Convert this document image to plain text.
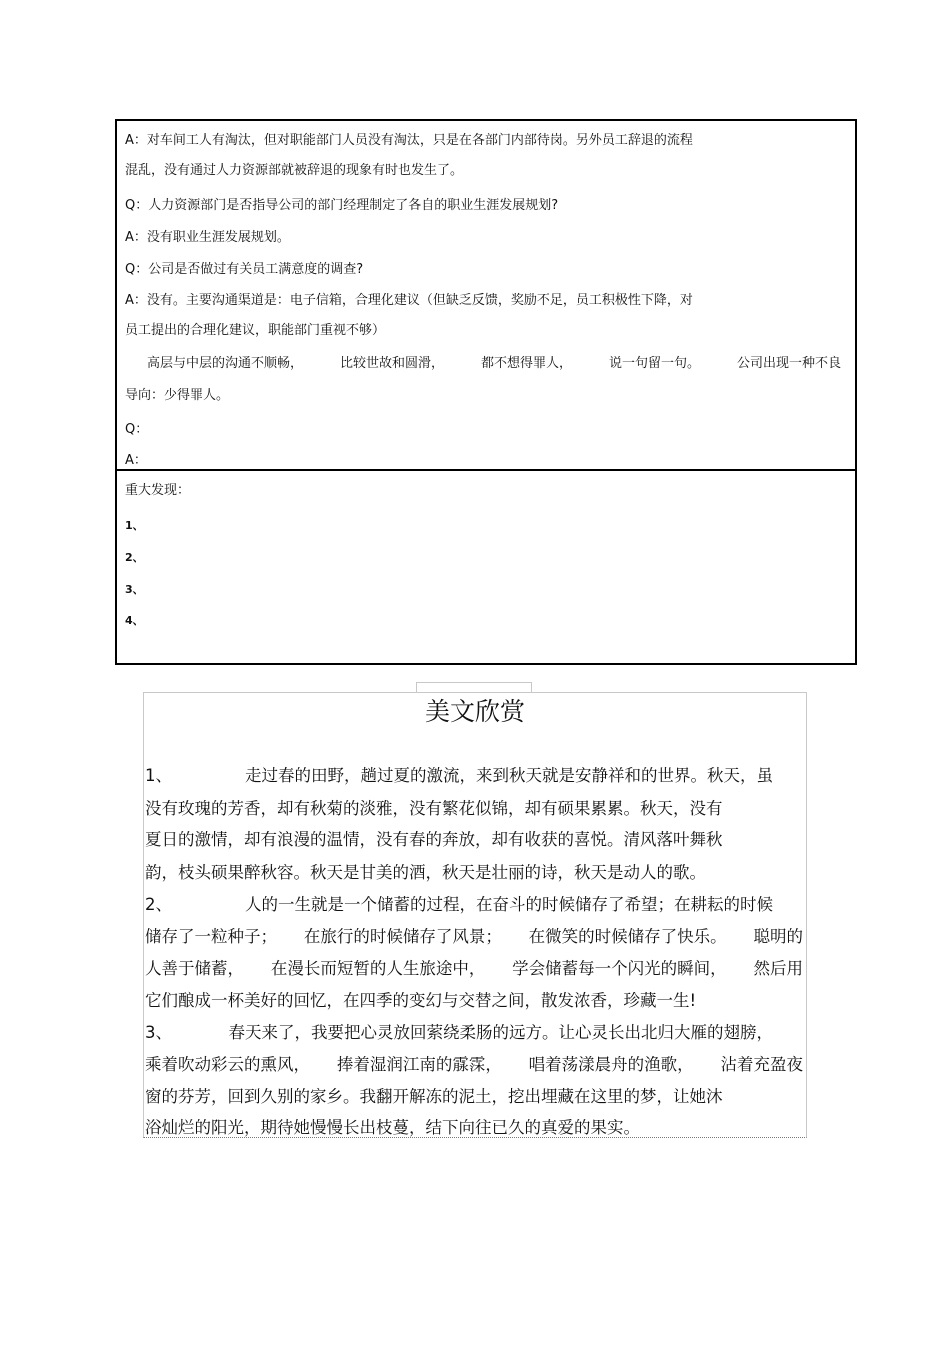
A：对车间工人有淘汰，但对职能部门人员没有淘汰，只是在各部门内部待岗。另外员工辞退的流程
混乱，没有通过人力资源部就被辞退的现象有时也发生了。
Q：人力资源部门是否指导公司的部门经理制定了各自的职业生涯发展规划?
A：没有职业生涯发展规划。
Q：公司是否做过有关员工满意度的调查?
A：没有。主要沟通渠道是：电子信箱，合理化建议（但缺乏反馈，奖励不足，员工积极性下降，对
员工提出的合理化建议，职能部门重视不够）
高层与中层的沟通不顺畅，	比较世故和圆滑，	都不想得罪人，	说一句留一句。	公司出现一种不良
导向：少得罪人。
Q：
A：
重大发现：
1、
2、
3、
4、
美文欣赏
1、	走过春的田野，趟过夏的激流，来到秋天就是安静祥和的世界。秋天，虽
没有玫瑰的芳香，却有秋菊的淡雅，没有繁花似锦，却有硕果累累。秋天，没有
夏日的激情，却有浪漫的温情，没有春的奔放，却有收获的喜悦。清风落叶舞秋
韵，枝头硕果醉秋容。秋天是甘美的酒，秋天是壮丽的诗，秋天是动人的歌。
2、	人的一生就是一个储蓄的过程，在奋斗的时候储存了希望；在耕耘的时候
储存了一粒种子； 在旅行的时候储存了风景； 在微笑的时候储存了快乐。 聪明的
人善于储蓄， 在漫长而短暂的人生旅途中， 学会储蓄每一个闪光的瞬间， 然后用
它们酿成一杯美好的回忆，在四季的变幻与交替之间，散发浓香，珍藏一生!
3、	春天来了，我要把心灵放回萦绕柔肠的远方。让心灵长出北归大雁的翅膀，
乘着吹动彩云的熏风， 捧着湿润江南的霡霂， 唱着荡漾晨舟的渔歌， 沾着充盈夜
窗的芬芳，回到久别的家乡。我翻开解冻的泥土，挖出埋藏在这里的梦，让她沐
浴灿烂的阳光，期待她慢慢长出枝蔓，结下向往已久的真爱的果实。
